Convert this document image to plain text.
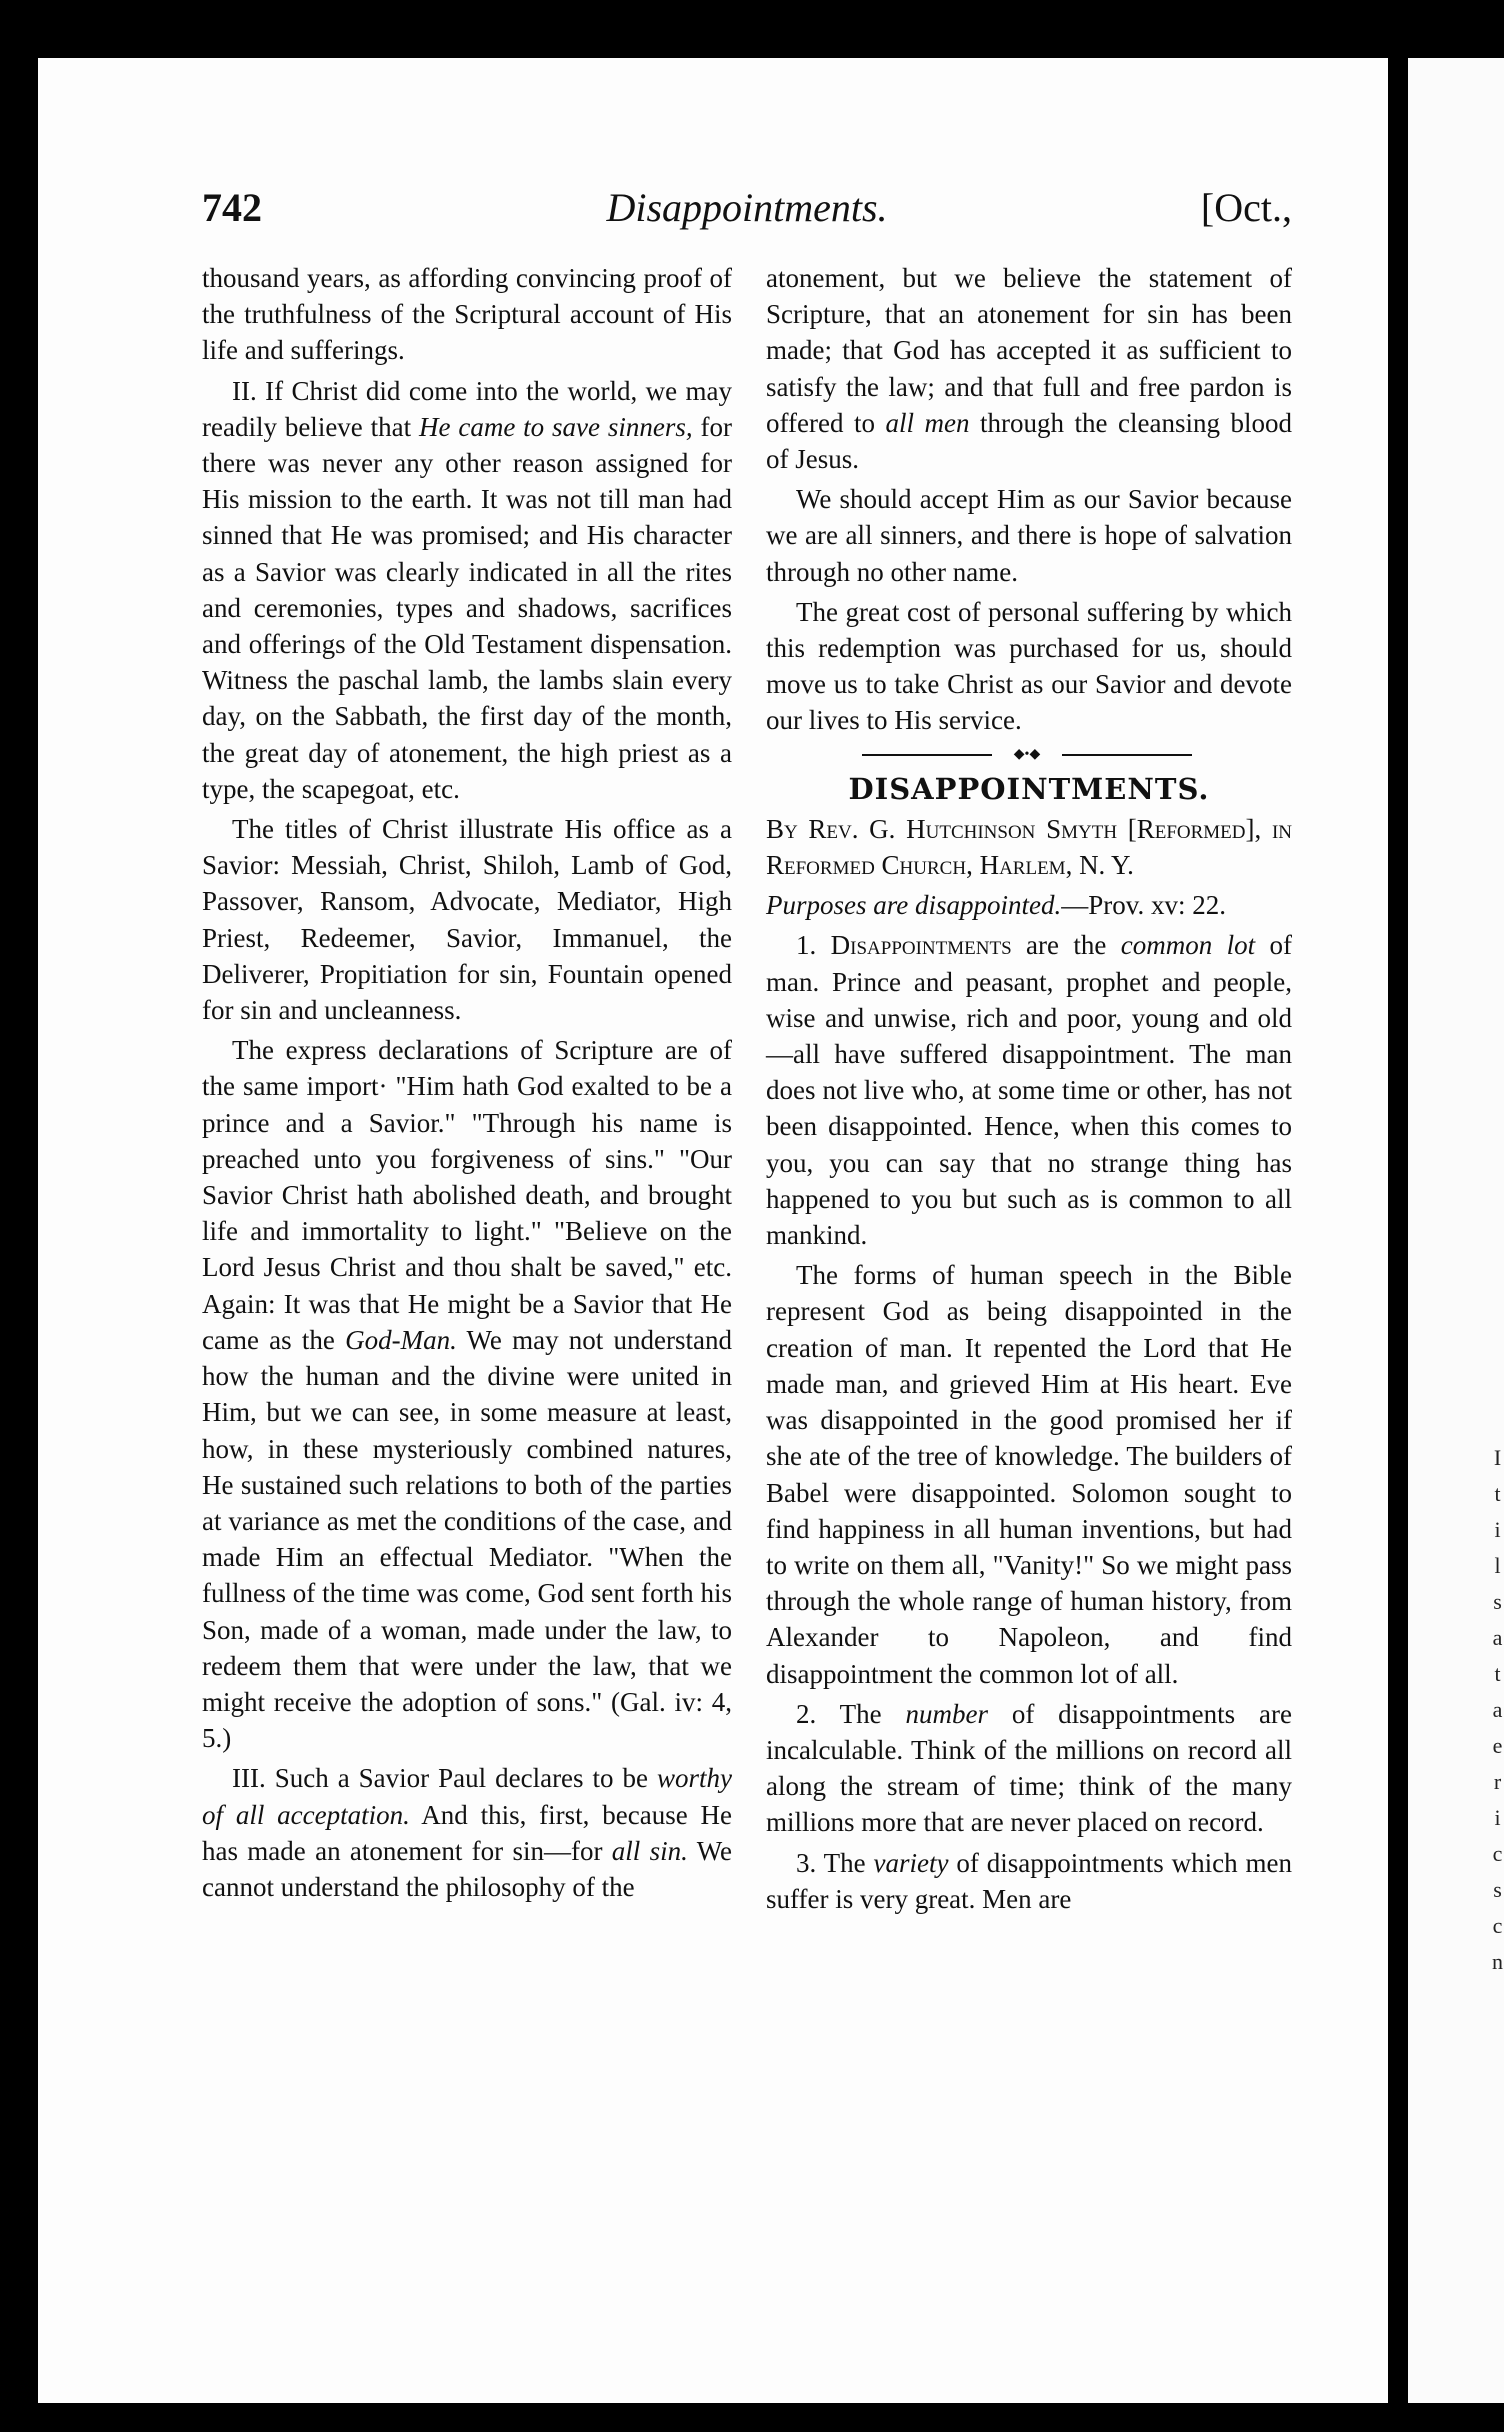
I
t
i
l
s
a
t
a
e
r
i
c
s
c
n
742	Disappointments.	[Oct.,

thousand years, as affording convincing proof of the truthfulness of the Scriptural account of His life and sufferings.

II. If Christ did come into the world, we may readily believe that He came to save sinners, for there was never any other reason assigned for His mission to the earth. It was not till man had sinned that He was promised; and His character as a Savior was clearly indicated in all the rites and ceremonies, types and shadows, sacrifices and offerings of the Old Testament dispensation. Witness the paschal lamb, the lambs slain every day, on the Sabbath, the first day of the month, the great day of atonement, the high priest as a type, the scapegoat, etc.

The titles of Christ illustrate His office as a Savior: Messiah, Christ, Shiloh, Lamb of God, Passover, Ransom, Advocate, Mediator, High Priest, Redeemer, Savior, Immanuel, the Deliverer, Propitiation for sin, Fountain opened for sin and uncleanness.

The express declarations of Scripture are of the same import· "Him hath God exalted to be a prince and a Savior." "Through his name is preached unto you forgiveness of sins." "Our Savior Christ hath abolished death, and brought life and immortality to light." "Believe on the Lord Jesus Christ and thou shalt be saved," etc. Again: It was that He might be a Savior that He came as the God-Man. We may not understand how the human and the divine were united in Him, but we can see, in some measure at least, how, in these mysteriously combined natures, He sustained such relations to both of the parties at variance as met the conditions of the case, and made Him an effectual Mediator. "When the fullness of the time was come, God sent forth his Son, made of a woman, made under the law, to redeem them that were under the law, that we might receive the adoption of sons." (Gal. iv: 4, 5.)

III. Such a Savior Paul declares to be worthy of all acceptation. And this, first, because He has made an atonement for sin—for all sin. We cannot understand the philosophy of the

atonement, but we believe the statement of Scripture, that an atonement for sin has been made; that God has accepted it as sufficient to satisfy the law; and that full and free pardon is offered to all men through the cleansing blood of Jesus.

We should accept Him as our Savior because we are all sinners, and there is hope of salvation through no other name.

The great cost of personal suffering by which this redemption was purchased for us, should move us to take Christ as our Savior and devote our lives to His service.

◆•◆
DISAPPOINTMENTS.
By Rev. G. Hutchinson Smyth [Reformed], in Reformed Church, Harlem, N. Y.
Purposes are disappointed.—Prov. xv: 22.

1. Disappointments are the common lot of man. Prince and peasant, prophet and people, wise and unwise, rich and poor, young and old—all have suffered disappointment. The man does not live who, at some time or other, has not been disappointed. Hence, when this comes to you, you can say that no strange thing has happened to you but such as is common to all mankind.

The forms of human speech in the Bible represent God as being disappointed in the creation of man. It repented the Lord that He made man, and grieved Him at His heart. Eve was disappointed in the good promised her if she ate of the tree of knowledge. The builders of Babel were disappointed. Solomon sought to find happiness in all human inventions, but had to write on them all, "Vanity!" So we might pass through the whole range of human history, from Alexander to Napoleon, and find disappointment the common lot of all.

2. The number of disappointments are incalculable. Think of the millions on record all along the stream of time; think of the many millions more that are never placed on record.

3. The variety of disappointments which men suffer is very great. Men are
